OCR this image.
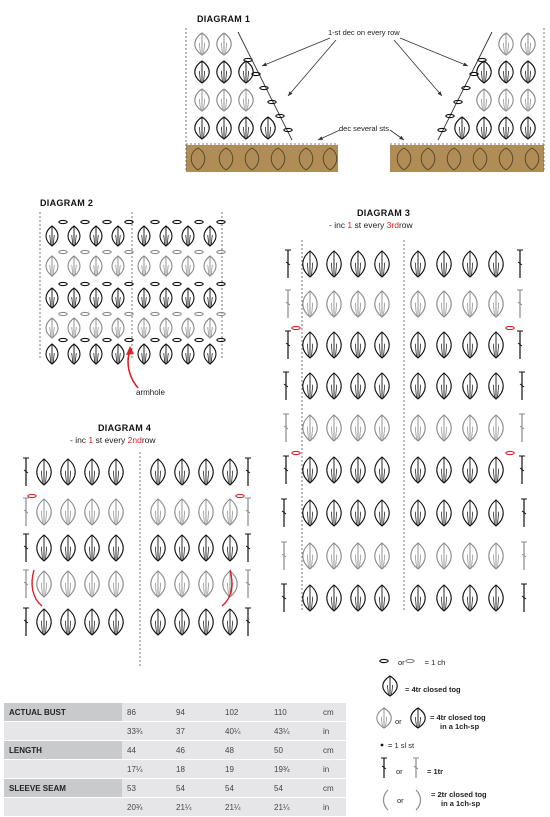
DIAGRAM 1
1-st dec on every row
dec several sts
DIAGRAM 2
armhole
DIAGRAM 3
- inc 1 st every 3rdrow
DIAGRAM 4
- inc 1 st every 2ndrow
ACTUAL BUST	86	94	102	110	cm
	33¾	37	40¼	43¼	in
LENGTH	44	46	48	50	cm
	17¼	18	19	19¾	in
SLEEVE SEAM	53	54	54	54	cm
	20¾	21¼	21¼	21¼	in
or	= 1 ch
= 4tr closed tog
or	= 4tr closed tog
in a 1ch-sp
= 1 sl st
or	= 1tr
or
= 2tr closed tog
in a 1ch-sp
